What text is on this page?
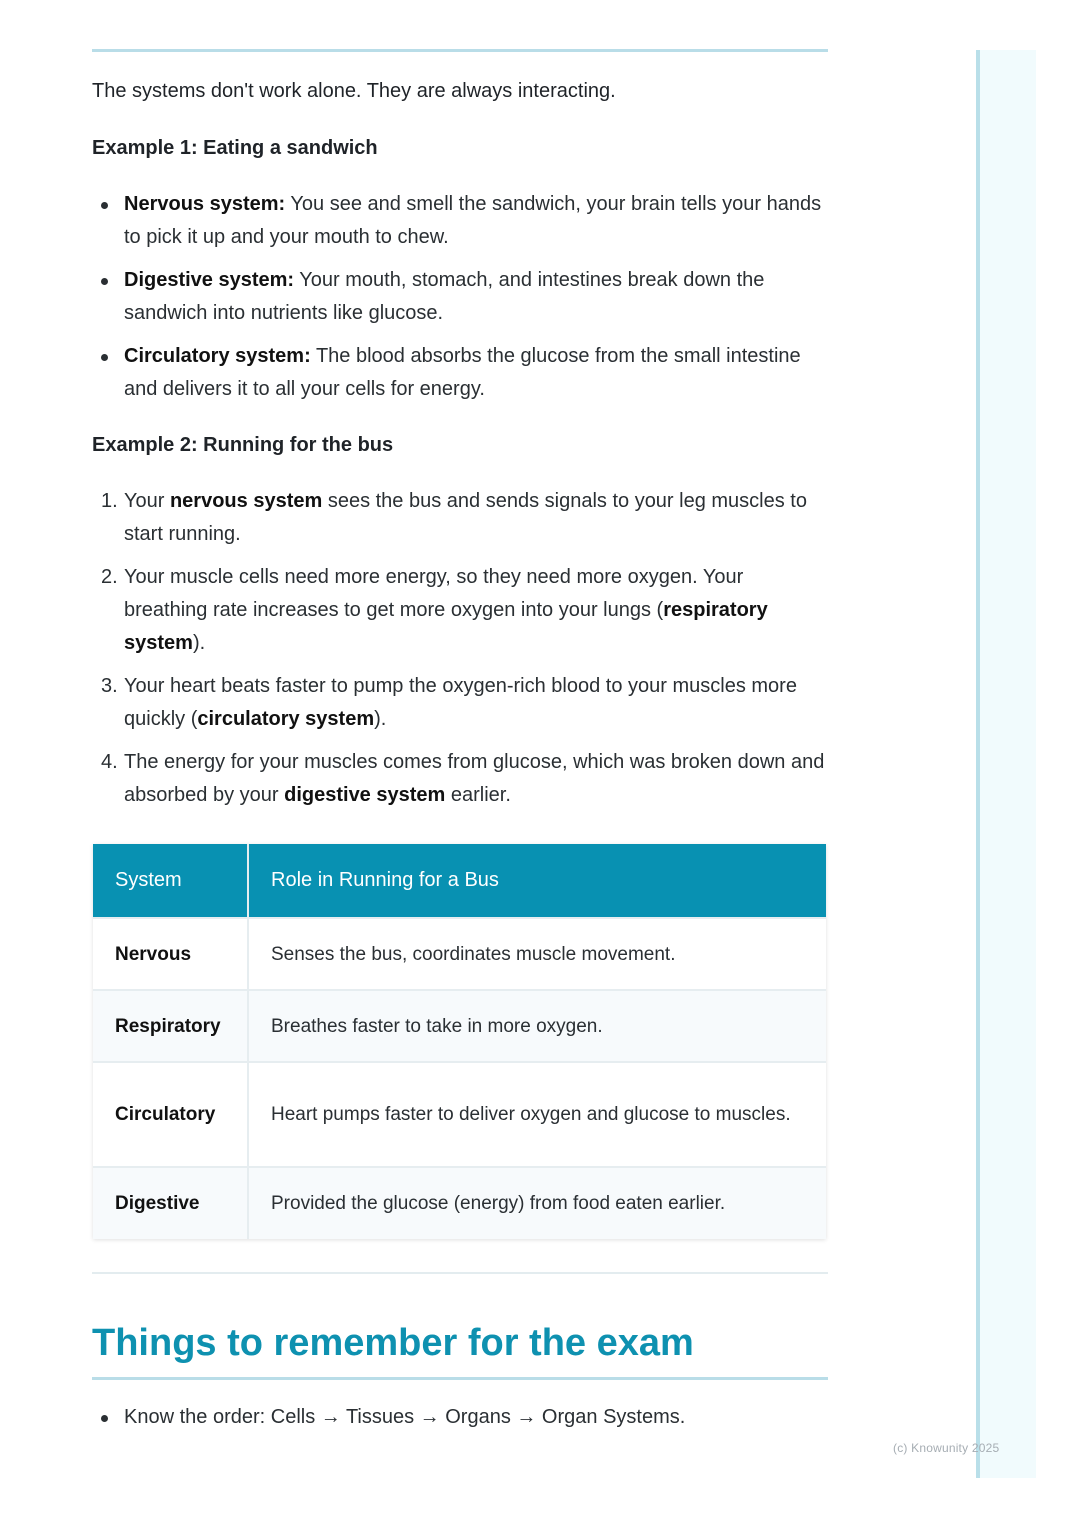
(c) Knowunity 2025

The systems don't work alone. They are always interacting.

Example 1: Eating a sandwich
Nervous system: You see and smell the sandwich, your brain tells your hands to pick it up and your mouth to chew.
Digestive system: Your mouth, stomach, and intestines break down the sandwich into nutrients like glucose.
Circulatory system: The blood absorbs the glucose from the small intestine and delivers it to all your cells for energy.
Example 2: Running for the bus
1. Your nervous system sees the bus and sends signals to your leg muscles to start running.
2. Your muscle cells need more energy, so they need more oxygen. Your breathing rate increases to get more oxygen into your lungs (respiratory system).
3. Your heart beats faster to pump the oxygen-rich blood to your muscles more quickly (circulatory system).
4. The energy for your muscles comes from glucose, which was broken down and absorbed by your digestive system earlier.
System	Role in Running for a Bus
Nervous	Senses the bus, coordinates muscle movement.
Respiratory	Breathes faster to take in more oxygen.
Circulatory	Heart pumps faster to deliver oxygen and glucose to muscles.
Digestive	Provided the glucose (energy) from food eaten earlier.
Things to remember for the exam
Know the order: Cells → Tissues → Organs → Organ Systems.
